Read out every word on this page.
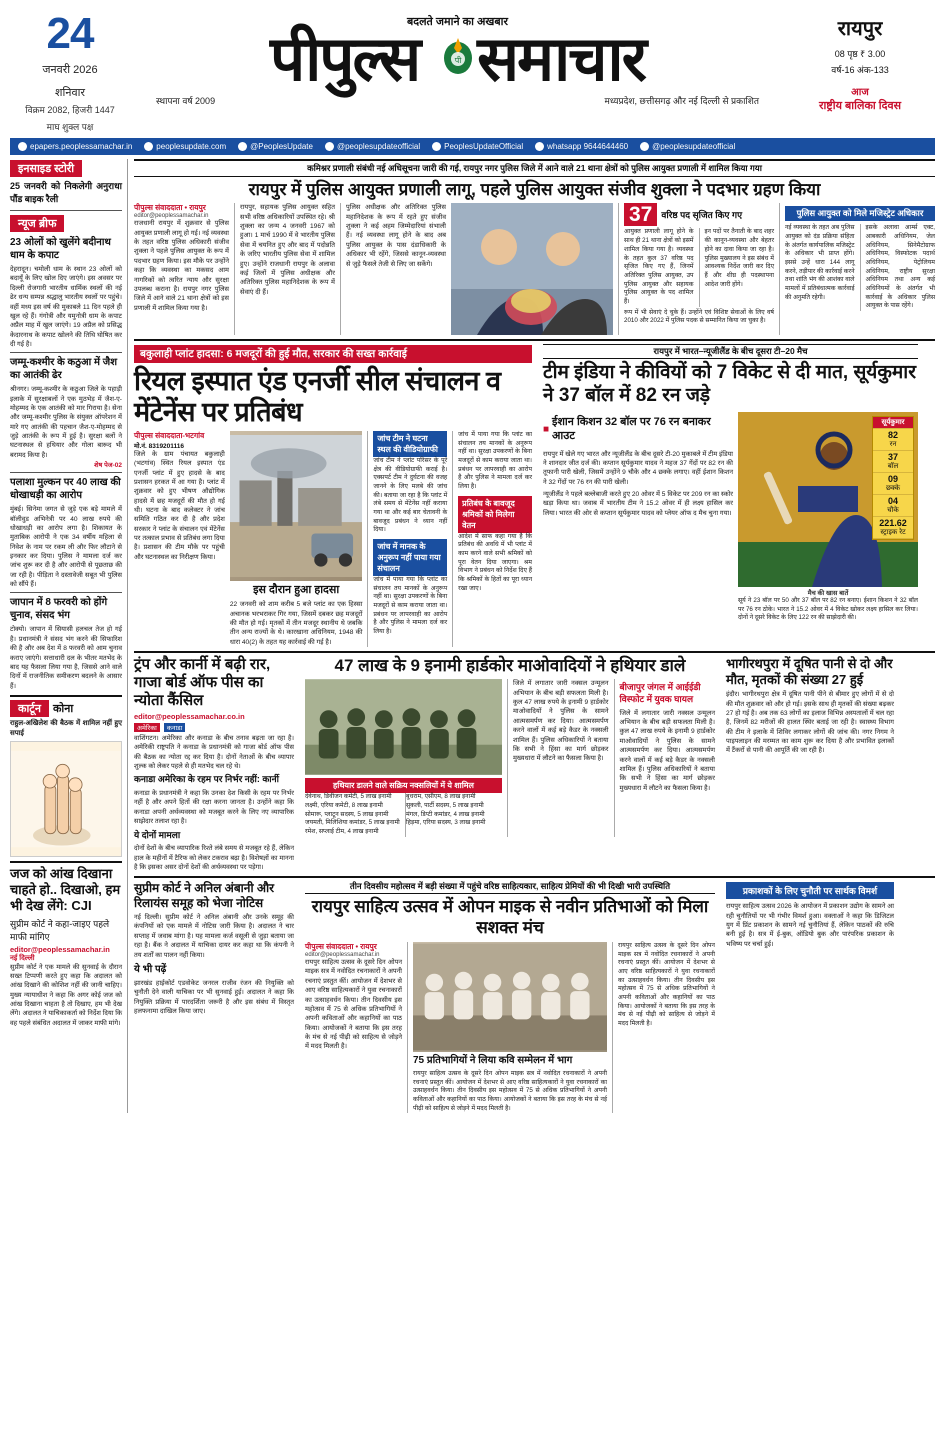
24
जनवरी 2026
शनिवार
विक्रम 2082, हिजरी 1447
माघ शुक्ल पक्ष
बदलते जमाने का अखबार
पीपुल्स समाचार
पी
स्थापना वर्ष 2009	मध्यप्रदेश, छत्तीसगढ़ और नई दिल्ली से प्रकाशित
रायपुर
08 पृष्ठ ₹ 3.00
वर्ष-16 अंक-133
आज
राष्ट्रीय बालिका दिवस
epapers.peoplessamachar.in	peoplesupdate.com	@PeoplesUpdate	@peoplesupdateofficial	PeoplesUpdateOfficial	whatsapp 9644644460	@peoplesupdateofficial
इनसाइड स्टोरी
25 जनवरी को निकलेगी अनुराधा पौंड बाइक रैली
न्यूज ब्रीफ
23 ओलों को खुलेंगे बदीनाथ धाम के कपाट
देहरादून। चमोली धाम के स्थान 23 ओलों को बदायूँ के लिए खोल दिए जाएंगे। इस अवसर पर दिल्ली रोजगारी भारतीय धार्मिक स्थलों की नई ढेर धन्य सम्पन्न श्रद्धालु भारतीय स्थलों पर पहुंचे। वहीं मध्य इस वर्ष की मुकाबले 11 दिन पहले ही खुल रहे हैं। गंगोत्री और यमुनोत्री धाम के कपाट अप्रैल माह में खुल जाएंगे। 19 अप्रैल को प्रसिद्ध केदारनाथ के कपाट खोलने की तिथि घोषित कर दी गई है।
जम्मू-कश्मीर के कठुआ में जैश का आतंकी ढेर
श्रीनगर। जम्मू-कश्मीर के कठुआ जिले के पहाड़ी इलाके में सुरक्षाबलों ने एक मुठभेड़ में जैश-ए-मोहम्मद के एक आतंकी को मार गिराया है। सेना और जम्मू-कश्मीर पुलिस के संयुक्त ऑपरेशन में मारे गए आतंकी की पहचान जैश-ए-मोहम्मद से जुड़े आतंकी के रूप में हुई है। सुरक्षा बलों ने घटनास्थल से हथियार और गोला बारूद भी बरामद किया है।
शेष पेज-02
पलाशा मुल्कन पर 40 लाख की धोखाधड़ी का आरोप
मुंबई। सिनेमा जगत से जुड़े एक बड़े मामले में बॉलीवुड अभिनेत्री पर 40 लाख रुपये की धोखाधड़ी का आरोप लगा है। शिकायत के मुताबिक आरोपी ने एक 34 वर्षीय महिला से निवेश के नाम पर रकम ली और फिर लौटाने से इनकार कर दिया। पुलिस ने मामला दर्ज कर जांच शुरू कर दी है और आरोपी से पूछताछ की जा रही है। पीड़िता ने दस्तावेजी सबूत भी पुलिस को सौंपे हैं।
जापान में 8 फरवरी को होंगे चुनाव, संसद भंग
टोक्यो। जापान में सियासी हलचल तेज हो गई है। प्रधानमंत्री ने संसद भंग करने की सिफारिश की है और अब देश में 8 फरवरी को आम चुनाव कराए जाएंगे। सत्ताधारी दल के भीतर मतभेद के बाद यह फैसला लिया गया है, जिससे आने वाले दिनों में राजनीतिक समीकरण बदलने के आसार हैं।
कार्टून	कोना
राहुल-अखिलेश की बैठक में शामिल नहीं हुए सपाई
जज को आंख दिखाना चाहते हो.. दिखाओ, हम भी देख लेंगे: CJI
सुप्रीम कोर्ट ने कहा-जाइए पहले माफी मांगिए
editor@peoplessamachar.in
नई दिल्ली
सुप्रीम कोर्ट ने एक मामले की सुनवाई के दौरान सख्त टिप्पणी करते हुए कहा कि अदालत को आंख दिखाने की कोशिश नहीं की जानी चाहिए। मुख्य न्यायाधीश ने कहा कि अगर कोई जज को आंख दिखाना चाहता है तो दिखाए, हम भी देख लेंगे। अदालत ने याचिकाकर्ता को निर्देश दिया कि वह पहले संबंधित अदालत में जाकर माफी मांगे।
कमिश्नर प्रणाली संबंधी नई अधिसूचना जारी की गई, रायपुर नगर पुलिस जिले में आने वाले 21 थाना क्षेत्रों को पुलिस आयुक्त प्रणाली में शामिल किया गया
रायपुर में पुलिस आयुक्त प्रणाली लागू, पहले पुलिस आयुक्त संजीव शुक्ला ने पदभार ग्रहण किया
पीपुल्स संवाददाता • रायपुर
editor@peoplessamachar.in
राजधानी रायपुर में शुक्रवार से पुलिस आयुक्त प्रणाली लागू हो गई। नई व्यवस्था के तहत वरिष्ठ पुलिस अधिकारी संजीव शुक्ला ने पहले पुलिस आयुक्त के रूप में पदभार ग्रहण किया। इस मौके पर उन्होंने कहा कि व्यवस्था का मकसद आम नागरिकों को त्वरित न्याय और सुरक्षा उपलब्ध कराना है। रायपुर नगर पुलिस जिले में आने वाले 21 थाना क्षेत्रों को इस प्रणाली में शामिल किया गया है।
रायपुर, सहायक पुलिस आयुक्त सहित सभी वरिष्ठ अधिकारियों उपस्थित रहे। श्री शुक्ला का जन्म 4 जनवरी 1967 को हुआ। 1 मार्च 1990 में वे भारतीय पुलिस सेवा में चयनित हुए और बाद में पदोन्नति के जरिए भारतीय पुलिस सेवा में शामिल हुए। उन्होंने राजधानी रायपुर के अलावा कई जिलों में पुलिस अधीक्षक और अतिरिक्त पुलिस महानिदेशक के रूप में सेवाएं दी हैं।
पुलिस अधीक्षक और अतिरिक्त पुलिस महानिदेशक के रूप में रहते हुए संजीव शुक्ला ने कई अहम जिम्मेदारियां संभाली हैं। नई व्यवस्था लागू होने के बाद अब पुलिस आयुक्त के पास दंडाधिकारी के अधिकार भी रहेंगे, जिससे कानून-व्यवस्था से जुड़े फैसले तेजी से लिए जा सकेंगे।
37	वरिष्ठ पद सृजित किए गए
आयुक्त प्रणाली लागू होने के साथ ही 21 थाना क्षेत्रों को इसमें शामिल किया गया है। व्यवस्था के तहत कुल 37 वरिष्ठ पद सृजित किए गए हैं, जिनमें अतिरिक्त पुलिस आयुक्त, उप पुलिस आयुक्त और सहायक पुलिस आयुक्त के पद शामिल हैं।
इन पदों पर तैनाती के बाद शहर की कानून-व्यवस्था और बेहतर होने का दावा किया जा रहा है। पुलिस मुख्यालय ने इस संबंध में आवश्यक निर्देश जारी कर दिए हैं और शीघ्र ही पदस्थापना आदेश जारी होंगे।
रूप में भी सेवाएं दे चुके हैं। उन्होंने एवं विशिष्ट सेवाओं के लिए वर्ष 2010 और 2022 में पुलिस पदक से सम्मानित किया जा चुका है।
पुलिस आयुक्त को मिले मजिस्ट्रेट अधिकार
नई व्यवस्था के तहत अब पुलिस आयुक्त को दंड प्रक्रिया संहिता के अंतर्गत कार्यपालिक मजिस्ट्रेट के अधिकार भी प्राप्त होंगे। इससे उन्हें धारा 144 लागू करने, तड़ीपार की कार्रवाई करने तथा शांति भंग की आशंका वाले मामलों में प्रतिबंधात्मक कार्रवाई की अनुमति रहेगी।
इसके अलावा आर्म्स एक्ट, आबकारी अधिनियम, जेल अधिनियम, सिनेमैटोग्राफ अधिनियम, विस्फोटक पदार्थ अधिनियम, पेट्रोलियम अधिनियम, राष्ट्रीय सुरक्षा अधिनियम तथा अन्य कई अधिनियमों के अंतर्गत भी कार्रवाई के अधिकार पुलिस आयुक्त के पास रहेंगे।
बकुलाही प्लांट हादसा: 6 मजदूरों की हुई मौत, सरकार की सख्त कार्रवाई
रियल इस्पात एंड एनर्जी सील संचालन व मेंटेनेंस पर प्रतिबंध
पीपुल्स संवाददाता-भटगांव
मो.नं. 8319201116
जिले के ग्राम पंचायत बकुलाही (भटगांव) स्थित रियल इस्पात एंड एनर्जी प्लांट में हुए हादसे के बाद प्रशासन हरकत में आ गया है। प्लांट में शुक्रवार को हुए भीषण औद्योगिक हादसे में छह मजदूरों की मौत हो गई थी। घटना के बाद कलेक्टर ने जांच समिति गठित कर दी है और प्रदेश सरकार ने प्लांट के संचालन एवं मेंटेनेंस पर तत्काल प्रभाव से प्रतिबंध लगा दिया है। प्रशासन की टीम मौके पर पहुंची और घटनास्थल का निरीक्षण किया।
इस दौरान हुआ हादसा
22 जनवरी को शाम करीब 5 बजे प्लांट का एक हिस्सा अचानक भरभराकर गिर गया, जिसमें दबकर छह मजदूरों की मौत हो गई। मृतकों में तीन मजदूर स्थानीय थे जबकि तीन अन्य राज्यों के थे। कारखाना अधिनियम, 1948 की धारा 40(2) के तहत यह कार्रवाई की गई है।
जांच टीम ने घटना स्थल की वीडियोग्राफी
जांच टीम ने प्लांट परिसर के पूरे क्षेत्र की वीडियोग्राफी कराई है। एक्सपर्ट टीम ने दुर्घटना की वजह जानने के लिए मलबे की जांच की। बताया जा रहा है कि प्लांट में लंबे समय से मेंटेनेंस नहीं कराया गया था और कई बार चेतावनी के बावजूद प्रबंधन ने ध्यान नहीं दिया।
जांच में मानक के अनुरूप नहीं पाया गया संचालन
जांच में पाया गया कि प्लांट का संचालन तय मानकों के अनुरूप नहीं था। सुरक्षा उपकरणों के बिना मजदूरों से काम कराया जाता था। प्रबंधन पर लापरवाही का आरोप है और पुलिस ने मामला दर्ज कर लिया है।
जांच में पाया गया कि प्लांट का संचालन तय मानकों के अनुरूप नहीं था। सुरक्षा उपकरणों के बिना मजदूरों से काम कराया जाता था। प्रबंधन पर लापरवाही का आरोप है और पुलिस ने मामला दर्ज कर लिया है।
प्रतिबंध के बावजूद श्रमिकों को मिलेगा वेतन
आदेश में साफ कहा गया है कि प्रतिबंध की अवधि में भी प्लांट में काम करने वाले सभी श्रमिकों को पूरा वेतन दिया जाएगा। श्रम विभाग ने प्रबंधन को निर्देश दिए हैं कि श्रमिकों के हितों का पूरा ध्यान रखा जाए।
रायपुर में भारत–न्यूजीलैंड के बीच दूसरा टी–20 मैच
टीम इंडिया ने कीवियों को 7 विकेट से दी मात, सूर्यकुमार ने 37 बॉल में 82 रन जड़े
■
ईशान किशन 32 बॉल पर 76 रन बनाकर आउट
रायपुर में खेले गए भारत और न्यूजीलैंड के बीच दूसरे टी-20 मुकाबले में टीम इंडिया ने शानदार जीत दर्ज की। कप्तान सूर्यकुमार यादव ने महज 37 गेंदों पर 82 रन की तूफानी पारी खेली, जिसमें उन्होंने 9 चौके और 4 छक्के लगाए। वहीं ईशान किशन ने 32 गेंदों पर 76 रन की पारी खेली।
न्यूजीलैंड ने पहले बल्लेबाजी करते हुए 20 ओवर में 5 विकेट पर 209 रन का स्कोर खड़ा किया था। जवाब में भारतीय टीम ने 15.2 ओवर में ही लक्ष्य हासिल कर लिया। भारत की ओर से कप्तान सूर्यकुमार यादव को प्लेयर ऑफ द मैच चुना गया।
सूर्यकुमार
82
रन
37
बॉल
09
छक्के
04
चौके
221.62
स्ट्राइक रेट
मैच की खास बातें
सूर्य ने 23 बॉल पर 50 और 37 बॉल पर 82 रन बनाए। ईशान किशन ने 32 बॉल पर 76 रन ठोके। भारत ने 15.2 ओवर में 4 विकेट खोकर लक्ष्य हासिल कर लिया। दोनों ने दूसरे विकेट के लिए 122 रन की साझेदारी की।
ट्रंप और कार्नी में बढ़ी रार, गाजा बोर्ड ऑफ पीस का न्योता कैंसिल
editor@peoplessamachar.co.in
अमेरिका	कनाडा
वाशिंगटन। अमेरिका और कनाडा के बीच तनाव बढ़ता जा रहा है। अमेरिकी राष्ट्रपति ने कनाडा के प्रधानमंत्री को गाजा बोर्ड ऑफ पीस की बैठक का न्योता रद्द कर दिया है। दोनों नेताओं के बीच व्यापार शुल्क को लेकर पहले से ही मतभेद चल रहे थे।
कनाडा अमेरिका के रहम पर निर्भर नहीं: कार्नी
कनाडा के प्रधानमंत्री ने कहा कि उनका देश किसी के रहम पर निर्भर नहीं है और अपने हितों की रक्षा करना जानता है। उन्होंने कहा कि कनाडा अपनी अर्थव्यवस्था को मजबूत करने के लिए नए व्यापारिक साझेदार तलाश रहा है।
ये दोनों मामला
दोनों देशों के बीच व्यापारिक रिश्ते लंबे समय से मजबूत रहे हैं, लेकिन हाल के महीनों में टैरिफ को लेकर टकराव बढ़ा है। विशेषज्ञों का मानना है कि इसका असर दोनों देशों की अर्थव्यवस्था पर पड़ेगा।
47 लाख के 9 इनामी हार्डकोर माओवादियों ने हथियार डाले
हथियार डालने वाले सक्रिय नक्सलियों में ये शामिल
देवेनाथ, डिवीजन कमेटी, 5 लाख इनामी
लक्ष्मी, एरिया कमेटी, 8 लाख इनामी
सोमारू, प्लाटून सदस्य, 5 लाख इनामी
जयमती, मिलिशिया कमांडर, 5 लाख इनामी
रमेश, सप्लाई टीम, 4 लाख इनामी
बुधराम, एसीएम, 8 लाख इनामी
सुकली, पार्टी सदस्य, 5 लाख इनामी
मंगल, डिप्टी कमांडर, 4 लाख इनामी
हिड़मा, एरिया सदस्य, 3 लाख इनामी
जिले में लगातार जारी नक्सल उन्मूलन अभियान के बीच बड़ी सफलता मिली है। कुल 47 लाख रुपये के इनामी 9 हार्डकोर माओवादियों ने पुलिस के सामने आत्मसमर्पण कर दिया। आत्मसमर्पण करने वालों में कई बड़े कैडर के नक्सली शामिल हैं। पुलिस अधिकारियों ने बताया कि सभी ने हिंसा का मार्ग छोड़कर मुख्यधारा में लौटने का फैसला किया है।
बीजापुर जंगल में आईईडी विस्फोट में युवक घायल
जिले में लगातार जारी नक्सल उन्मूलन अभियान के बीच बड़ी सफलता मिली है। कुल 47 लाख रुपये के इनामी 9 हार्डकोर माओवादियों ने पुलिस के सामने आत्मसमर्पण कर दिया। आत्मसमर्पण करने वालों में कई बड़े कैडर के नक्सली शामिल हैं। पुलिस अधिकारियों ने बताया कि सभी ने हिंसा का मार्ग छोड़कर मुख्यधारा में लौटने का फैसला किया है।
भागीरथपुरा में दूषित पानी से दो और मौत, मृतकों की संख्या 27 हुई
इंदौर। भागीरथपुरा क्षेत्र में दूषित पानी पीने से बीमार हुए लोगों में से दो की मौत शुक्रवार को और हो गई। इसके साथ ही मृतकों की संख्या बढ़कर 27 हो गई है। अब तक 63 लोगों का इलाज विभिन्न अस्पतालों में चल रहा है, जिनमें 82 मरीजों की हालत स्थिर बताई जा रही है। स्वास्थ्य विभाग की टीम ने इलाके में शिविर लगाकर लोगों की जांच की। नगर निगम ने पाइपलाइन की मरम्मत का काम शुरू कर दिया है और प्रभावित इलाकों में टैंकरों से पानी की आपूर्ति की जा रही है।
सुप्रीम कोर्ट ने अनिल अंबानी और रिलायंस समूह को भेजा नोटिस
नई दिल्ली। सुप्रीम कोर्ट ने अनिल अंबानी और उनके समूह की कंपनियों को एक मामले में नोटिस जारी किया है। अदालत ने चार सप्ताह में जवाब मांगा है। यह मामला कर्ज वसूली से जुड़ा बताया जा रहा है। बैंक ने अदालत में याचिका दायर कर कहा था कि कंपनी ने तय शर्तों का पालन नहीं किया।
ये भी पढ़ें
झारखंड हाईकोर्ट एडवोकेट जनरल राजीव रंजन की नियुक्ति को चुनौती देने वाली याचिका पर भी सुनवाई हुई। अदालत ने कहा कि नियुक्ति प्रक्रिया में पारदर्शिता जरूरी है और इस संबंध में विस्तृत हलफनामा दाखिल किया जाए।
तीन दिवसीय महोत्सव में बड़ी संख्या में पहुंचे वरिष्ठ साहित्यकार, साहित्य प्रेमियों की भी दिखी भारी उपस्थिति
रायपुर साहित्य उत्सव में ओपन माइक से नवीन प्रतिभाओं को मिला सशक्त मंच
पीपुल्स संवाददाता • रायपुर
editor@peoplessamachar.in
रायपुर साहित्य उत्सव के दूसरे दिन ओपन माइक सत्र में नवोदित रचनाकारों ने अपनी रचनाएं प्रस्तुत कीं। आयोजन में देशभर से आए वरिष्ठ साहित्यकारों ने युवा रचनाकारों का उत्साहवर्धन किया। तीन दिवसीय इस महोत्सव में 75 से अधिक प्रतिभागियों ने अपनी कविताओं और कहानियों का पाठ किया। आयोजकों ने बताया कि इस तरह के मंच से नई पीढ़ी को साहित्य से जोड़ने में मदद मिलती है।
75 प्रतिभागियों ने लिया कवि सम्मेलन में भाग
रायपुर साहित्य उत्सव के दूसरे दिन ओपन माइक सत्र में नवोदित रचनाकारों ने अपनी रचनाएं प्रस्तुत कीं। आयोजन में देशभर से आए वरिष्ठ साहित्यकारों ने युवा रचनाकारों का उत्साहवर्धन किया। तीन दिवसीय इस महोत्सव में 75 से अधिक प्रतिभागियों ने अपनी कविताओं और कहानियों का पाठ किया। आयोजकों ने बताया कि इस तरह के मंच से नई पीढ़ी को साहित्य से जोड़ने में मदद मिलती है।
रायपुर साहित्य उत्सव के दूसरे दिन ओपन माइक सत्र में नवोदित रचनाकारों ने अपनी रचनाएं प्रस्तुत कीं। आयोजन में देशभर से आए वरिष्ठ साहित्यकारों ने युवा रचनाकारों का उत्साहवर्धन किया। तीन दिवसीय इस महोत्सव में 75 से अधिक प्रतिभागियों ने अपनी कविताओं और कहानियों का पाठ किया। आयोजकों ने बताया कि इस तरह के मंच से नई पीढ़ी को साहित्य से जोड़ने में मदद मिलती है।
प्रकाशकों के लिए चुनौती पर सार्थक विमर्श
रायपुर साहित्य उत्सव 2026 के आयोजन में प्रकाशन उद्योग के सामने आ रही चुनौतियों पर भी गंभीर विमर्श हुआ। वक्ताओं ने कहा कि डिजिटल युग में प्रिंट प्रकाशन के सामने नई चुनौतियां हैं, लेकिन पाठकों की रुचि बनी हुई है। सत्र में ई-बुक, ऑडियो बुक और पारंपरिक प्रकाशन के भविष्य पर चर्चा हुई।
